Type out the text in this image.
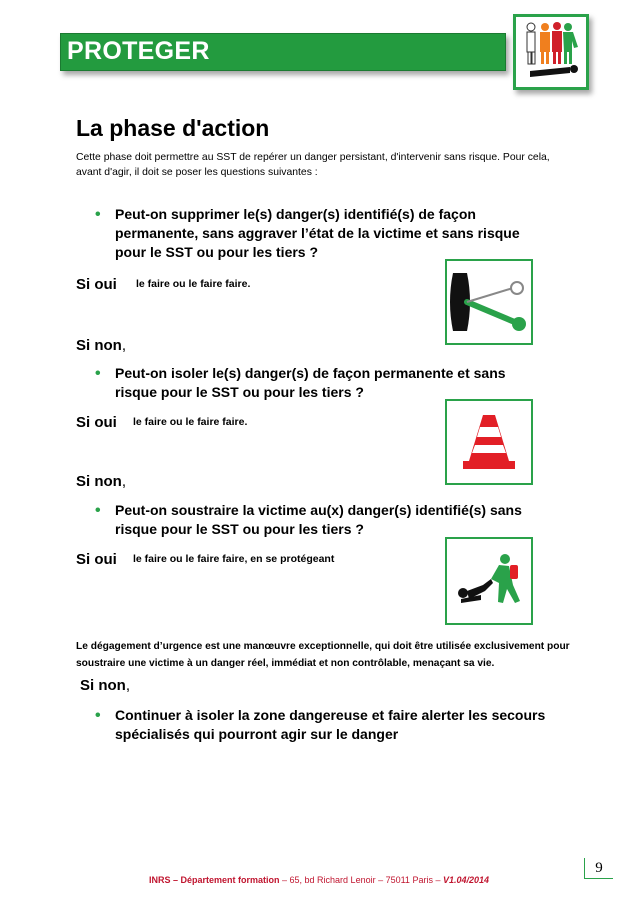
PROTEGER
La phase d'action
Cette phase doit permettre au SST de repérer un danger persistant, d'intervenir sans risque. Pour cela, avant d'agir, il doit se poser les questions suivantes :
• Peut-on supprimer le(s) danger(s) identifié(s) de façon
permanente, sans aggraver l’état de la victime et sans risque
pour le SST ou pour les tiers ?
Si oui le faire ou le faire faire.
Si non,
• Peut-on isoler le(s) danger(s) de façon permanente et sans
risque pour le SST ou pour les tiers ?
Si oui le faire ou le faire faire.
Si non,
• Peut-on soustraire la victime au(x) danger(s) identifié(s) sans
risque pour le SST ou pour les tiers ?
Si oui le faire ou le faire faire, en se protégeant
Le dégagement d’urgence est une manœuvre exceptionnelle, qui doit être utilisée exclusivement pour soustraire une victime à un danger réel, immédiat et non contrôlable, menaçant sa vie.
Si non,
• Continuer à isoler la zone dangereuse et faire alerter les secours
spécialisés qui pourront agir sur le danger
9
INRS – Département formation – 65, bd Richard Lenoir – 75011 Paris – V1.04/2014
